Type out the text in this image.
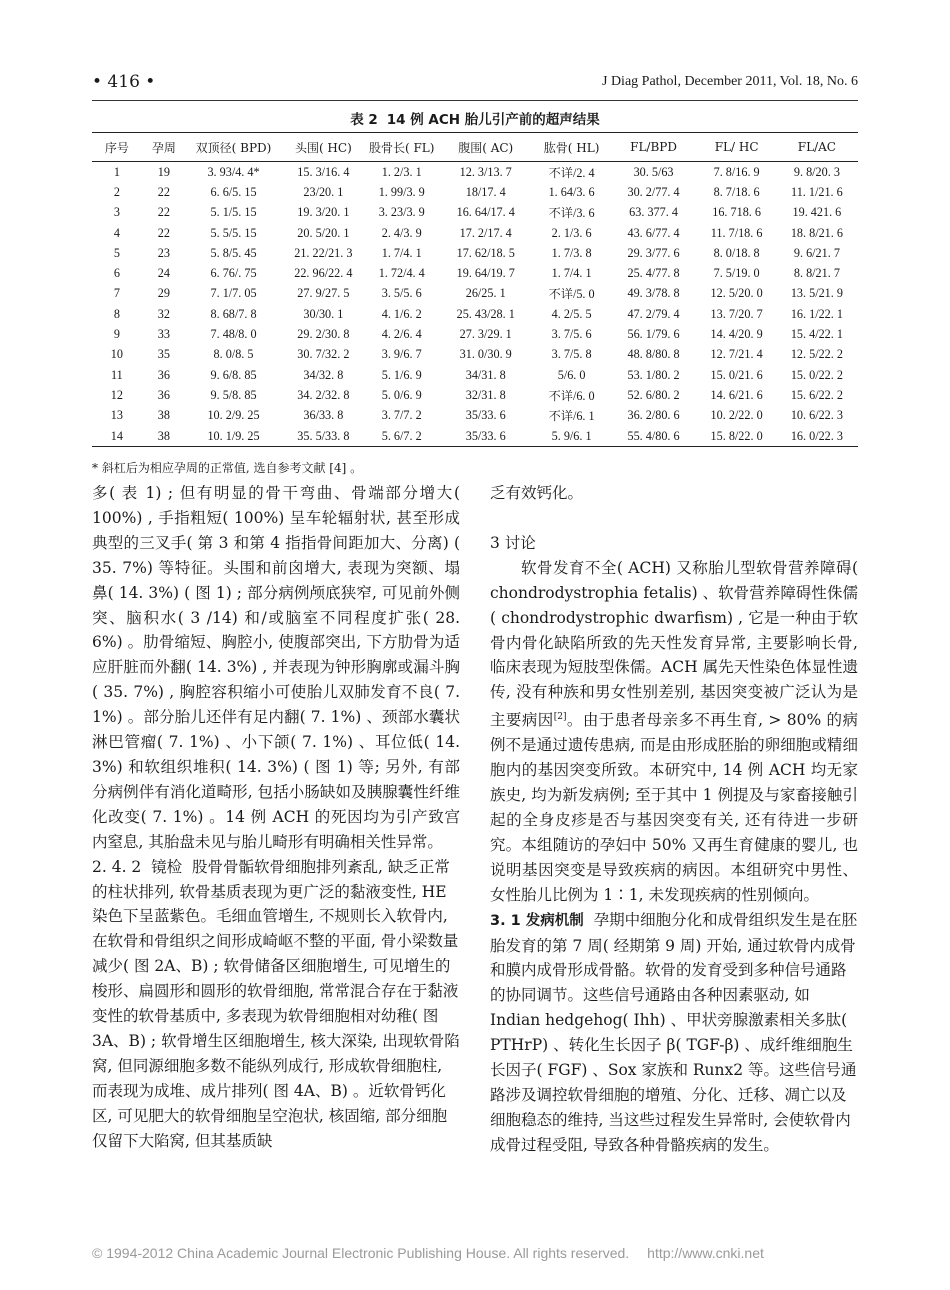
• 416 •	J Diag Pathol, December 2011, Vol. 18, No. 6
表 2 14 例 ACH 胎儿引产前的超声结果
序号	孕周	双顶径( BPD)	头围( HC)	股骨长( FL)	腹围( AC)	肱骨( HL)	FL/BPD	FL/ HC	FL/AC
1	19	3. 93/4. 4*	15. 3/16. 4	1. 2/3. 1	12. 3/13. 7	不详/2. 4	30. 5/63	7. 8/16. 9	9. 8/20. 3
2	22	6. 6/5. 15	23/20. 1	1. 99/3. 9	18/17. 4	1. 64/3. 6	30. 2/77. 4	8. 7/18. 6	11. 1/21. 6
3	22	5. 1/5. 15	19. 3/20. 1	3. 23/3. 9	16. 64/17. 4	不详/3. 6	63. 377. 4	16. 718. 6	19. 421. 6
4	22	5. 5/5. 15	20. 5/20. 1	2. 4/3. 9	17. 2/17. 4	2. 1/3. 6	43. 6/77. 4	11. 7/18. 6	18. 8/21. 6
5	23	5. 8/5. 45	21. 22/21. 3	1. 7/4. 1	17. 62/18. 5	1. 7/3. 8	29. 3/77. 6	8. 0/18. 8	9. 6/21. 7
6	24	6. 76/. 75	22. 96/22. 4	1. 72/4. 4	19. 64/19. 7	1. 7/4. 1	25. 4/77. 8	7. 5/19. 0	8. 8/21. 7
7	29	7. 1/7. 05	27. 9/27. 5	3. 5/5. 6	26/25. 1	不详/5. 0	49. 3/78. 8	12. 5/20. 0	13. 5/21. 9
8	32	8. 68/7. 8	30/30. 1	4. 1/6. 2	25. 43/28. 1	4. 2/5. 5	47. 2/79. 4	13. 7/20. 7	16. 1/22. 1
9	33	7. 48/8. 0	29. 2/30. 8	4. 2/6. 4	27. 3/29. 1	3. 7/5. 6	56. 1/79. 6	14. 4/20. 9	15. 4/22. 1
10	35	8. 0/8. 5	30. 7/32. 2	3. 9/6. 7	31. 0/30. 9	3. 7/5. 8	48. 8/80. 8	12. 7/21. 4	12. 5/22. 2
11	36	9. 6/8. 85	34/32. 8	5. 1/6. 9	34/31. 8	5/6. 0	53. 1/80. 2	15. 0/21. 6	15. 0/22. 2
12	36	9. 5/8. 85	34. 2/32. 8	5. 0/6. 9	32/31. 8	不详/6. 0	52. 6/80. 2	14. 6/21. 6	15. 6/22. 2
13	38	10. 2/9. 25	36/33. 8	3. 7/7. 2	35/33. 6	不详/6. 1	36. 2/80. 6	10. 2/22. 0	10. 6/22. 3
14	38	10. 1/9. 25	35. 5/33. 8	5. 6/7. 2	35/33. 6	5. 9/6. 1	55. 4/80. 6	15. 8/22. 0	16. 0/22. 3
* 斜杠后为相应孕周的正常值, 选自参考文献 [4] 。

多( 表 1) ; 但有明显的骨干弯曲、骨端部分增大( 100%) , 手指粗短( 100%) 呈车轮辐射状, 甚至形成典型的三叉手( 第 3 和第 4 指指骨间距加大、分离) ( 35. 7%) 等特征。头围和前囟增大, 表现为突额、塌鼻( 14. 3%) ( 图 1) ; 部分病例颅底狭窄, 可见前外侧突、脑积水( 3 /14) 和/或脑室不同程度扩张( 28. 6%) 。肋骨缩短、胸腔小, 使腹部突出, 下方肋骨为适应肝脏而外翻( 14. 3%) , 并表现为钟形胸廓或漏斗胸( 35. 7%) , 胸腔容积缩小可使胎儿双肺发育不良( 7. 1%) 。部分胎儿还伴有足内翻( 7. 1%) 、颈部水囊状淋巴管瘤( 7. 1%) 、小下颌( 7. 1%) 、耳位低( 14. 3%) 和软组织堆积( 14. 3%) ( 图 1) 等; 另外, 有部分病例伴有消化道畸形, 包括小肠缺如及胰腺囊性纤维化改变( 7. 1%) 。14 例 ACH 的死因均为引产致宫内窒息, 其胎盘未见与胎儿畸形有明确相关性异常。

2. 4. 2 镜检 股骨骨骺软骨细胞排列紊乱, 缺乏正常的柱状排列, 软骨基质表现为更广泛的黏液变性, HE 染色下呈蓝紫色。毛细血管增生, 不规则长入软骨内, 在软骨和骨组织之间形成崎岖不整的平面, 骨小梁数量减少( 图 2A、B) ; 软骨储备区细胞增生, 可见增生的梭形、扁圆形和圆形的软骨细胞, 常常混合存在于黏液变性的软骨基质中, 多表现为软骨细胞相对幼稚( 图 3A、B) ; 软骨增生区细胞增生, 核大深染, 出现软骨陷窝, 但同源细胞多数不能纵列成行, 形成软骨细胞柱, 而表现为成堆、成片排列( 图 4A、B) 。近软骨钙化区, 可见肥大的软骨细胞呈空泡状, 核固缩, 部分细胞仅留下大陷窝, 但其基质缺

乏有效钙化。

3 讨论

软骨发育不全( ACH) 又称胎儿型软骨营养障碍( chondrodystrophia fetalis) 、软骨营养障碍性侏儒( chondrodystrophic dwarfism) , 它是一种由于软骨内骨化缺陷所致的先天性发育异常, 主要影响长骨, 临床表现为短肢型侏儒。ACH 属先天性染色体显性遗传, 没有种族和男女性别差别, 基因突变被广泛认为是主要病因[2]。由于患者母亲多不再生育, > 80% 的病例不是通过遗传患病, 而是由形成胚胎的卵细胞或精细胞内的基因突变所致。本研究中, 14 例 ACH 均无家族史, 均为新发病例; 至于其中 1 例提及与家畜接触引起的全身皮疹是否与基因突变有关, 还有待进一步研究。本组随访的孕妇中 50% 又再生育健康的婴儿, 也说明基因突变是导致疾病的病因。本组研究中男性、女性胎儿比例为 1∶1, 未发现疾病的性别倾向。

3. 1 发病机制 孕期中细胞分化和成骨组织发生是在胚胎发育的第 7 周( 经期第 9 周) 开始, 通过软骨内成骨和膜内成骨形成骨骼。软骨的发育受到多种信号通路的协同调节。这些信号通路由各种因素驱动, 如 Indian hedgehog( Ihh) 、甲状旁腺激素相关多肽( PTHrP) 、转化生长因子 β( TGF-β) 、成纤维细胞生长因子( FGF) 、Sox 家族和 Runx2 等。这些信号通路涉及调控软骨细胞的增殖、分化、迁移、凋亡以及细胞稳态的维持, 当这些过程发生异常时, 会使软骨内成骨过程受阻, 导致各种骨骼疾病的发生。

© 1994-2012 China Academic Journal Electronic Publishing House. All rights reserved. http://www.cnki.net
